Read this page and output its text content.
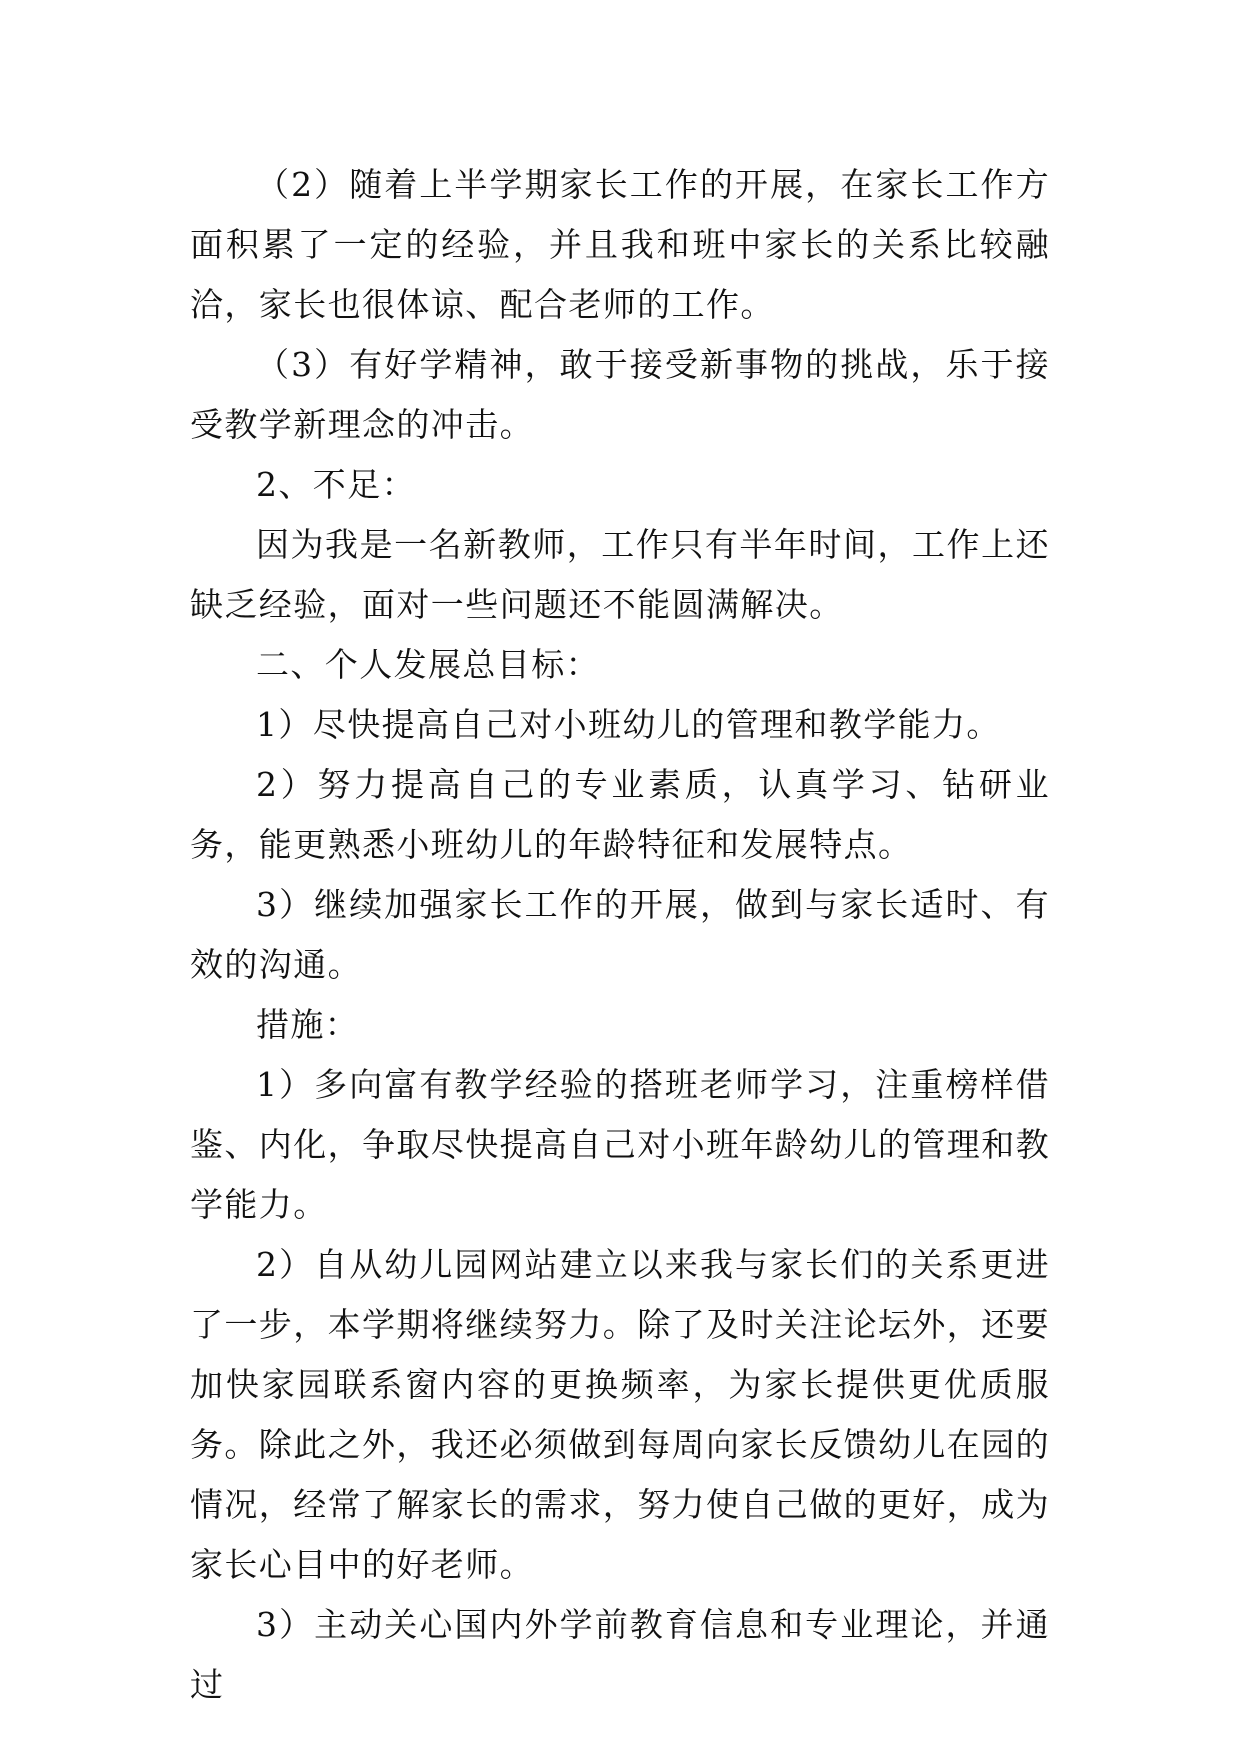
（2）随着上半学期家长工作的开展，在家长工作方面积累了一定的经验，并且我和班中家长的关系比较融洽，家长也很体谅、配合老师的工作。

（3）有好学精神，敢于接受新事物的挑战，乐于接受教学新理念的冲击。

2、不足：

因为我是一名新教师，工作只有半年时间，工作上还缺乏经验，面对一些问题还不能圆满解决。

二、个人发展总目标：

1）尽快提高自己对小班幼儿的管理和教学能力。

2）努力提高自己的专业素质，认真学习、钻研业务，能更熟悉小班幼儿的年龄特征和发展特点。

3）继续加强家长工作的开展，做到与家长适时、有效的沟通。

措施：

1）多向富有教学经验的搭班老师学习，注重榜样借鉴、内化，争取尽快提高自己对小班年龄幼儿的管理和教学能力。

2）自从幼儿园网站建立以来我与家长们的关系更进了一步，本学期将继续努力。除了及时关注论坛外，还要加快家园联系窗内容的更换频率，为家长提供更优质服务。除此之外，我还必须做到每周向家长反馈幼儿在园的情况，经常了解家长的需求，努力使自己做的更好，成为家长心目中的好老师。

3）主动关心国内外学前教育信息和专业理论，并通过
